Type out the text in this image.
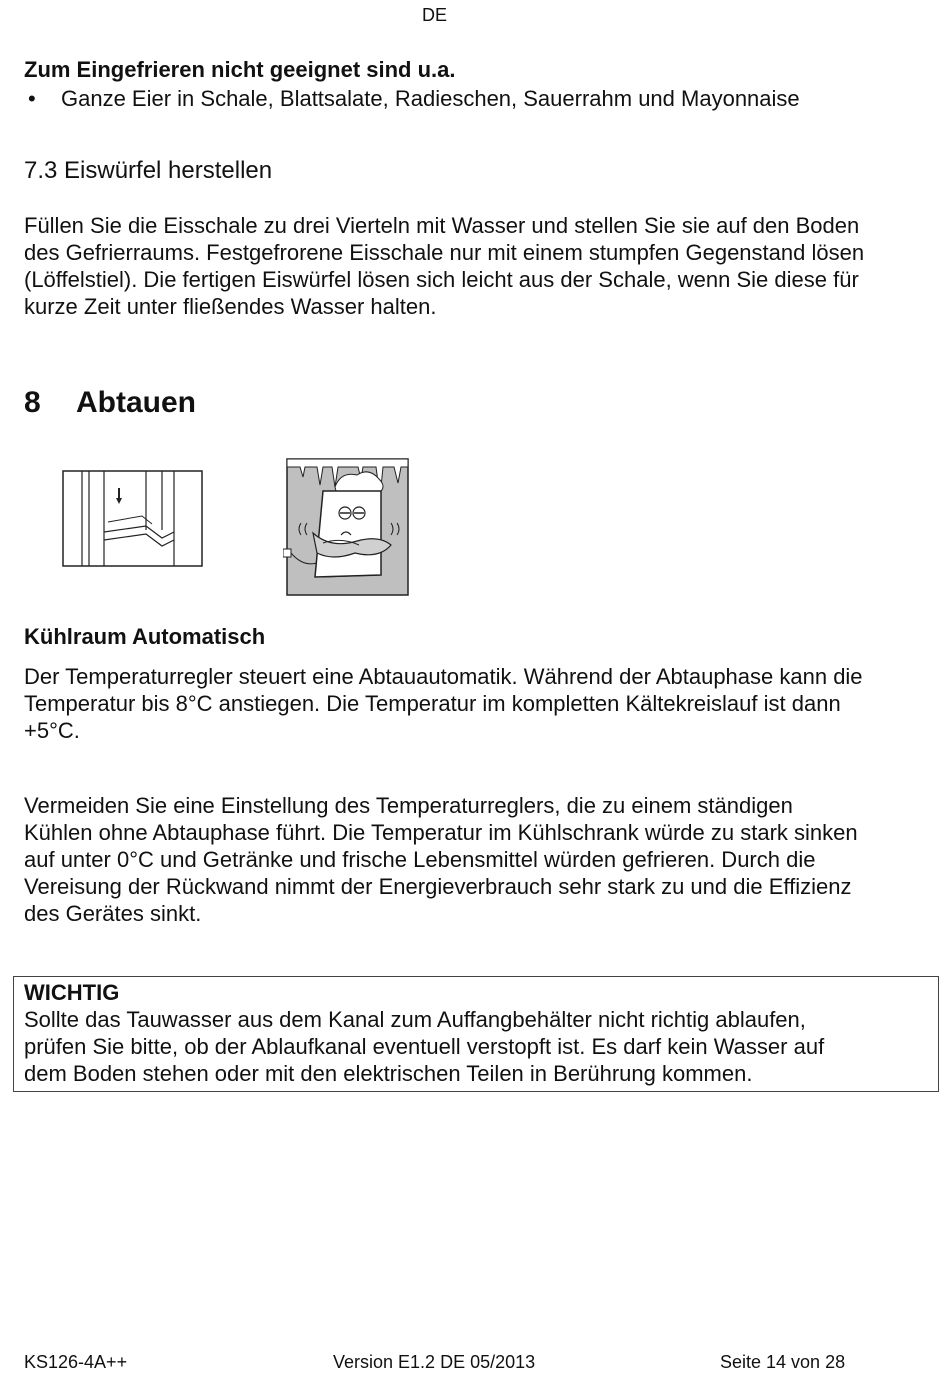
DE
Zum Eingefrieren nicht geeignet sind u.a.
•	Ganze Eier in Schale, Blattsalate, Radieschen, Sauerrahm und Mayonnaise
7.3 Eiswürfel herstellen
Füllen Sie die Eisschale zu drei Vierteln mit Wasser und stellen Sie sie auf den Boden
des Gefrierraums. Festgefrorene Eisschale nur mit einem stumpfen Gegenstand lösen
(Löffelstiel). Die fertigen Eiswürfel lösen sich leicht aus der Schale, wenn Sie diese für
kurze Zeit unter fließendes Wasser halten.
8 Abtauen
Kühlraum Automatisch
Der Temperaturregler steuert eine Abtauautomatik. Während der Abtauphase kann die
Temperatur bis 8°C anstiegen. Die Temperatur im kompletten Kältekreislauf ist dann
+5°C.
Vermeiden Sie eine Einstellung des Temperaturreglers, die zu einem ständigen
Kühlen ohne Abtauphase führt. Die Temperatur im Kühlschrank würde zu stark sinken
auf unter 0°C und Getränke und frische Lebensmittel würden gefrieren. Durch die
Vereisung der Rückwand nimmt der Energieverbrauch sehr stark zu und die Effizienz
des Gerätes sinkt.
WICHTIG
Sollte das Tauwasser aus dem Kanal zum Auffangbehälter nicht richtig ablaufen,
prüfen Sie bitte, ob der Ablaufkanal eventuell verstopft ist. Es darf kein Wasser auf
dem Boden stehen oder mit den elektrischen Teilen in Berührung kommen.
KS126-4A++	Version E1.2 DE 05/2013	Seite 14 von 28
